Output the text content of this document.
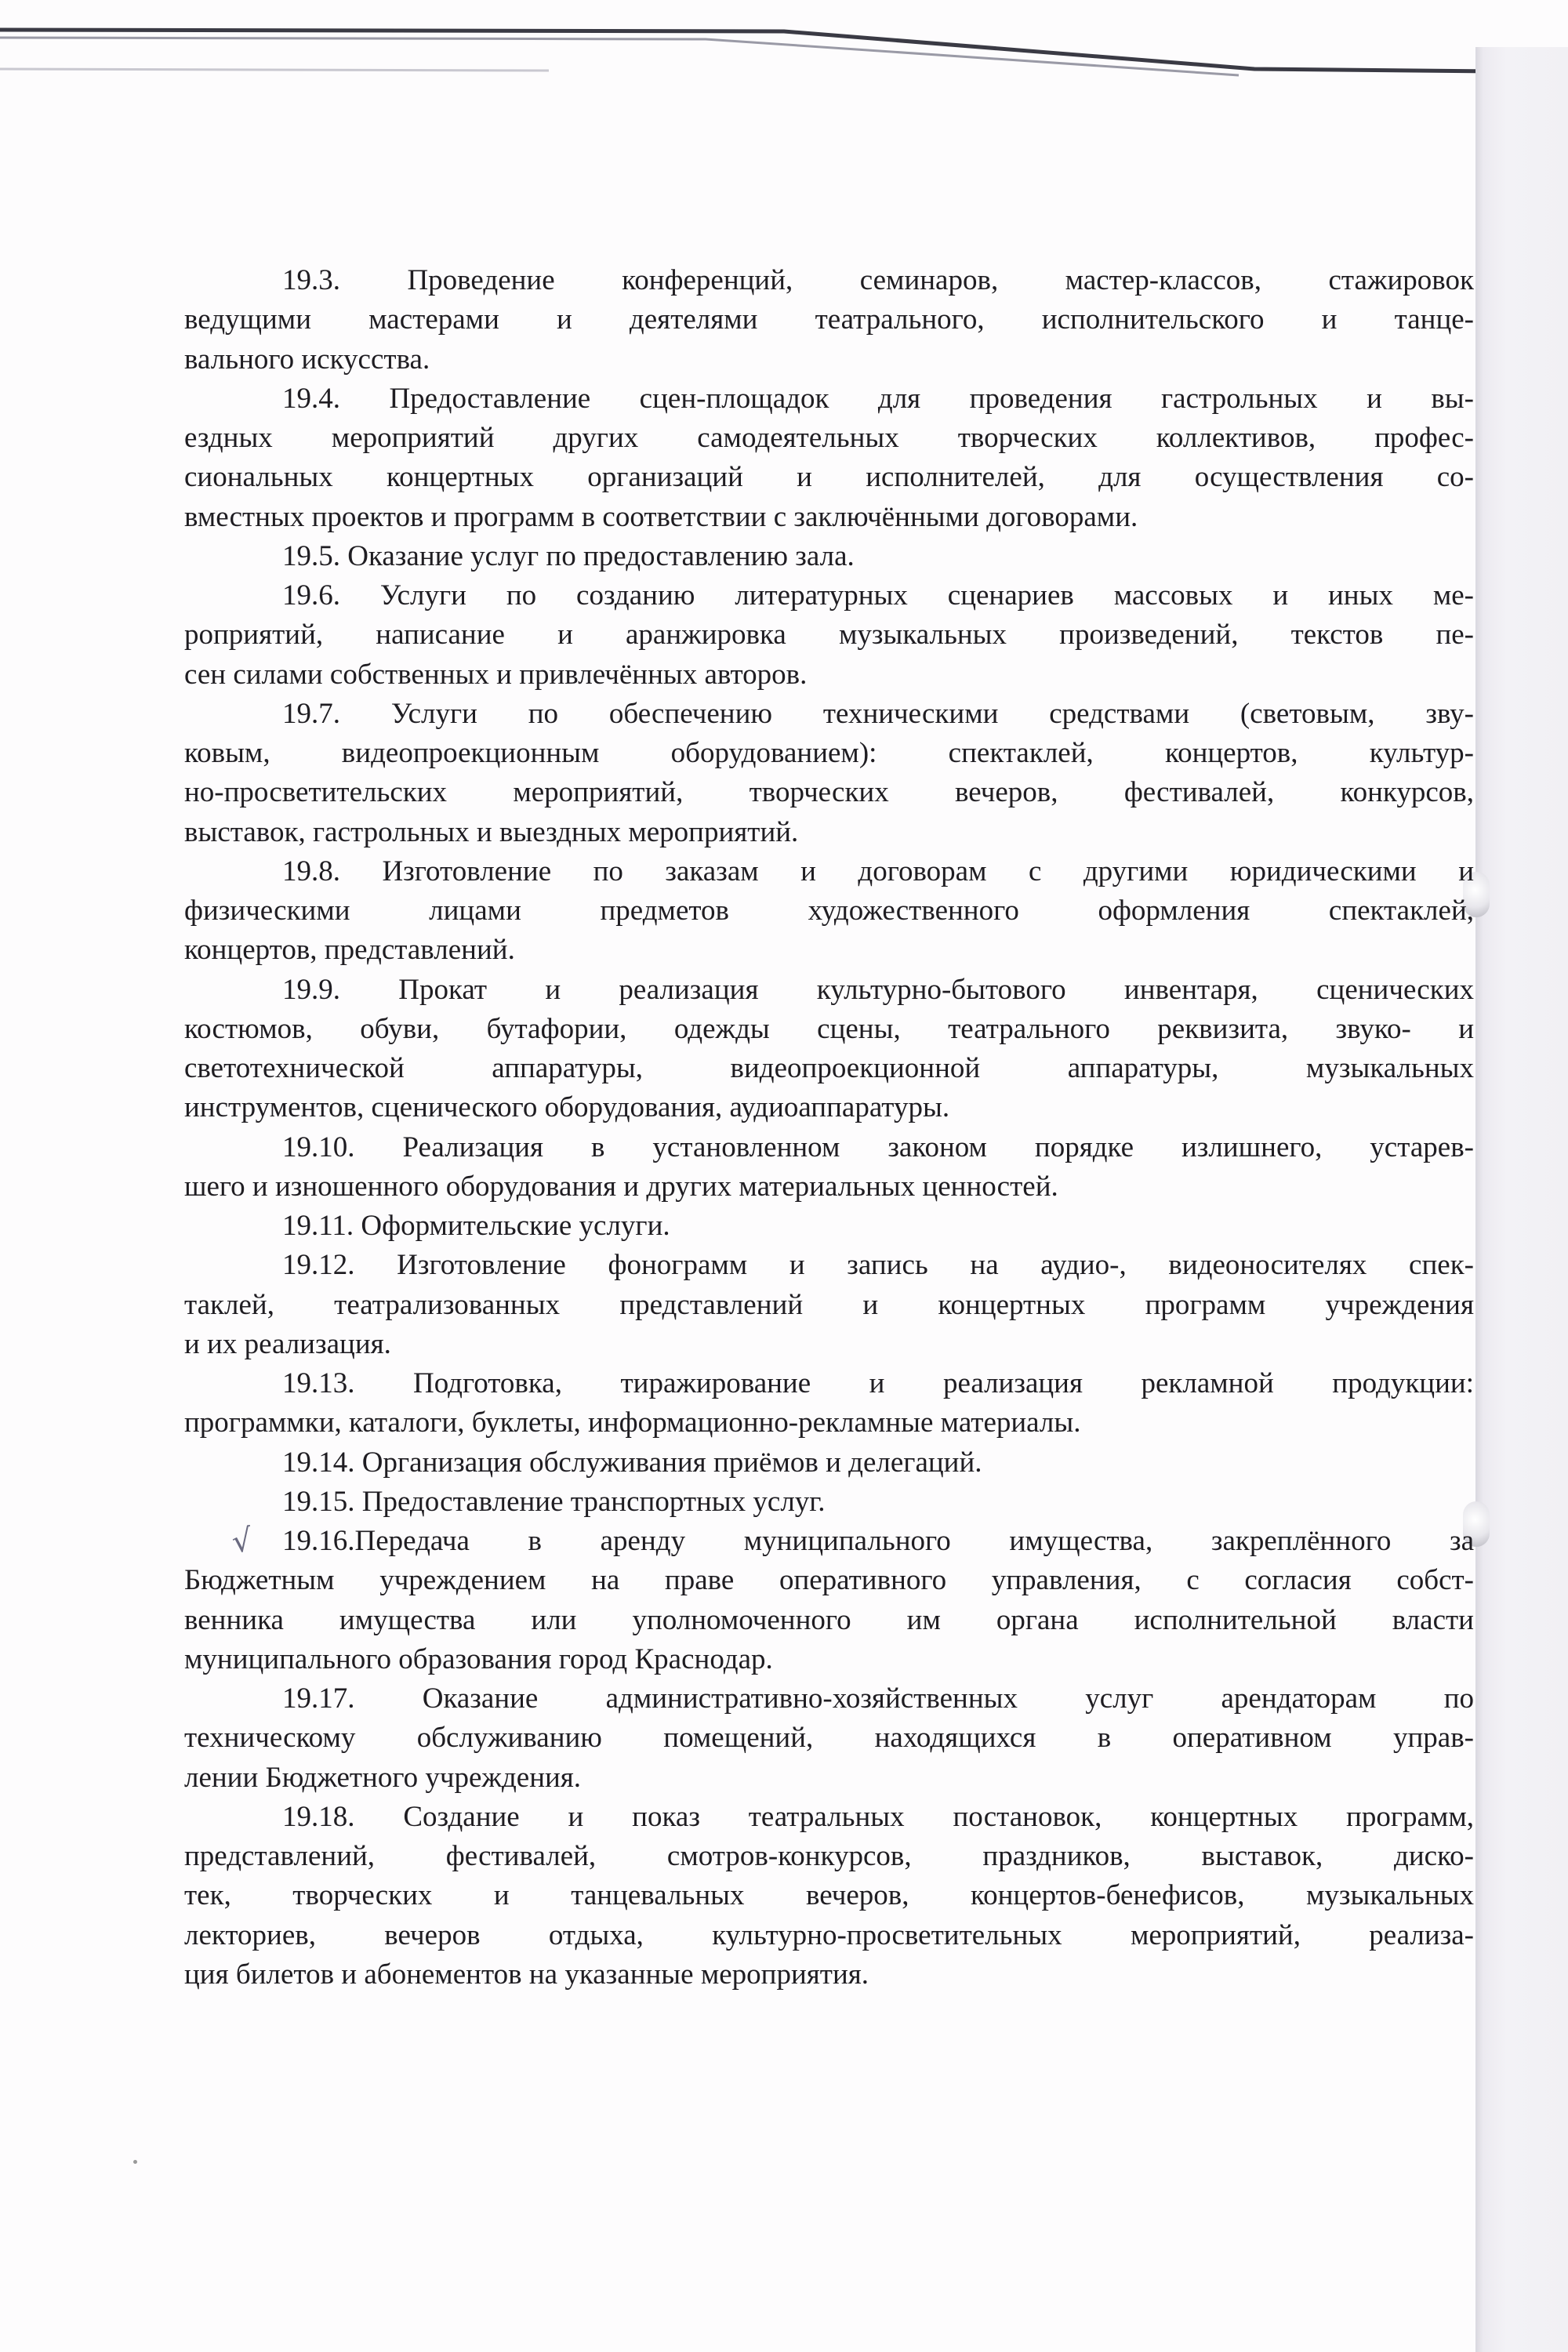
19.3. Проведение конференций, семинаров, мастер-классов, стажировок
ведущими мастерами и деятелями театрального, исполнительского и танце-
вального искусства.
19.4. Предоставление сцен-площадок для проведения гастрольных и вы-
ездных мероприятий других самодеятельных творческих коллективов, профес-
сиональных концертных организаций и исполнителей, для осуществления со-
вместных проектов и программ в соответствии с заключёнными договорами.
19.5. Оказание услуг по предоставлению зала.
19.6. Услуги по созданию литературных сценариев массовых и иных ме-
роприятий, написание и аранжировка музыкальных произведений, текстов пе-
сен силами собственных и привлечённых авторов.
19.7. Услуги по обеспечению техническими средствами (световым, зву-
ковым, видеопроекционным оборудованием): спектаклей, концертов, культур-
но-просветительских мероприятий, творческих вечеров, фестивалей, конкурсов,
выставок, гастрольных и выездных мероприятий.
19.8. Изготовление по заказам и договорам с другими юридическими и
физическими лицами предметов художественного оформления спектаклей,
концертов, представлений.
19.9. Прокат и реализация культурно-бытового инвентаря, сценических
костюмов, обуви, бутафории, одежды сцены, театрального реквизита, звуко- и
светотехнической аппаратуры, видеопроекционной аппаратуры, музыкальных
инструментов, сценического оборудования, аудиоаппаратуры.
19.10. Реализация в установленном законом порядке излишнего, устарев-
шего и изношенного оборудования и других материальных ценностей.
19.11. Оформительские услуги.
19.12. Изготовление фонограмм и запись на аудио-, видеоносителях спек-
таклей, театрализованных представлений и концертных программ учреждения
и их реализация.
19.13. Подготовка, тиражирование и реализация рекламной продукции:
программки, каталоги, буклеты, информационно-рекламные материалы.
19.14. Организация обслуживания приёмов и делегаций.
19.15. Предоставление транспортных услуг.
19.16.Передача в аренду муниципального имущества, закреплённого за
Бюджетным учреждением на праве оперативного управления, с согласия собст-
венника имущества или уполномоченного им органа исполнительной власти
муниципального образования город Краснодар.
19.17. Оказание административно-хозяйственных услуг арендаторам по
техническому обслуживанию помещений, находящихся в оперативном управ-
лении Бюджетного учреждения.
19.18. Создание и показ театральных постановок, концертных программ,
представлений, фестивалей, смотров-конкурсов, праздников, выставок, диско-
тек, творческих и танцевальных вечеров, концертов-бенефисов, музыкальных
лекториев, вечеров отдыха, культурно-просветительных мероприятий, реализа-
ция билетов и абонементов на указанные мероприятия.
√
